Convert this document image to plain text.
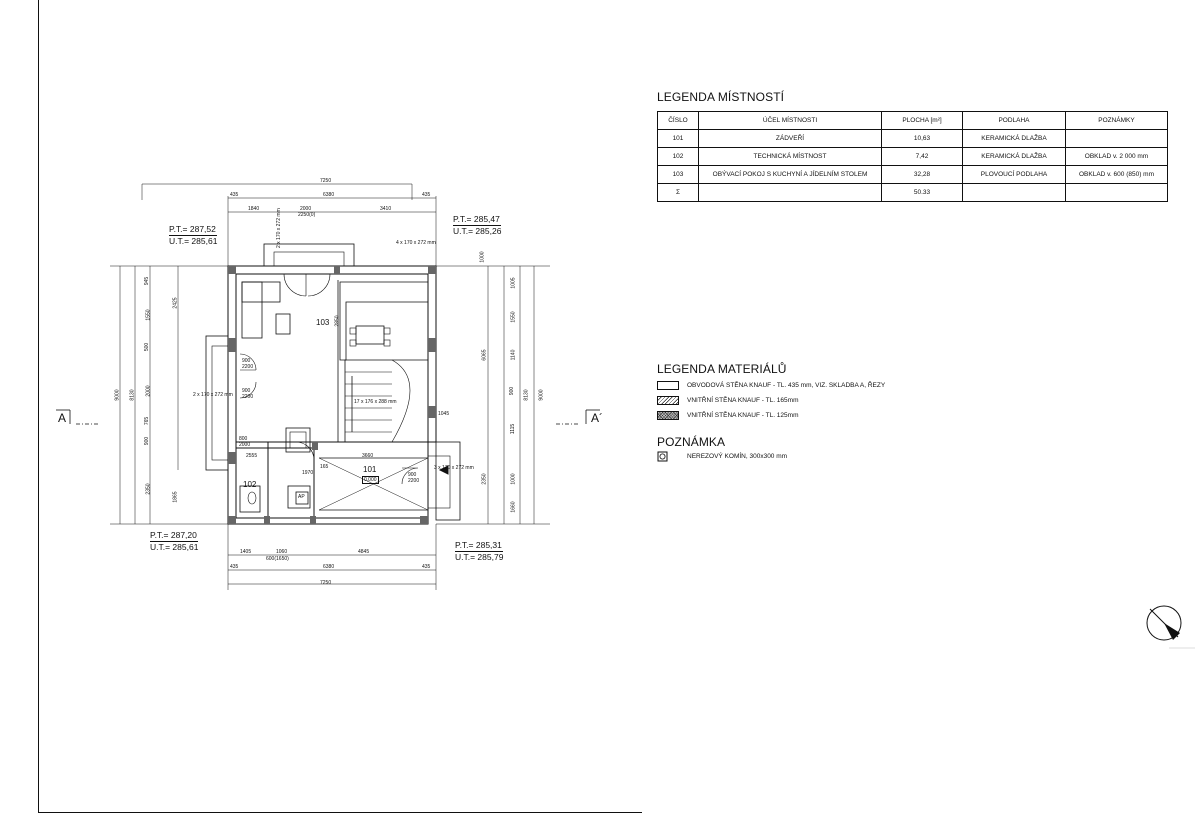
LEGENDA MÍSTNOSTÍ
ČÍSLO	ÚČEL MÍSTNOSTI	PLOCHA [m²]	PODLAHA	POZNÁMKY
101	ZÁDVEŘÍ	10,63	KERAMICKÁ DLAŽBA	
102	TECHNICKÁ MÍSTNOST	7,42	KERAMICKÁ DLAŽBA	OBKLAD v. 2 000 mm
103	OBÝVACÍ POKOJ S KUCHYNÍ A JÍDELNÍM STOLEM	32,28	PLOVOUCÍ PODLAHA	OBKLAD v. 600 (850) mm
Σ		50.33		
LEGENDA MATERIÁLŮ
OBVODOVÁ STĚNA KNAUF - TL. 435 mm, VIZ. SKLADBA A, ŘEZY
VNITŘNÍ STĚNA KNAUF - TL. 165mm
VNITŘNÍ STĚNA KNAUF - TL. 125mm
POZNÁMKA
NEREZOVÝ KOMÍN, 300x300 mm
A	A´
103
101
0,000
102
P.T.= 287,52
U.T.= 285,61
P.T.= 285,47
U.T.= 285,26
P.T.= 287,20
U.T.= 285,61	P.T.= 285,31
U.T.= 285,79
7250
435	6380	435
1840	2000	3410
2250(0)
435	6380	435
7250
1405	1060	4845
600(1650)
9000 8130	9000
8130
945
1550
2425
500
2000
765
900
2350
1865
1000
1005
1550
1140
6065
900
1115
1000
2350
1660
2 x 170 x 272 mm	4 x 170 x 272 mm
2 x 170 x 272 mm
17 x 176 x 288 mm
3 x 170 x 272 mm
1045
3660
2555
1970
165
2850
900
2200
900
2200
800
2000
900
2200
AP
